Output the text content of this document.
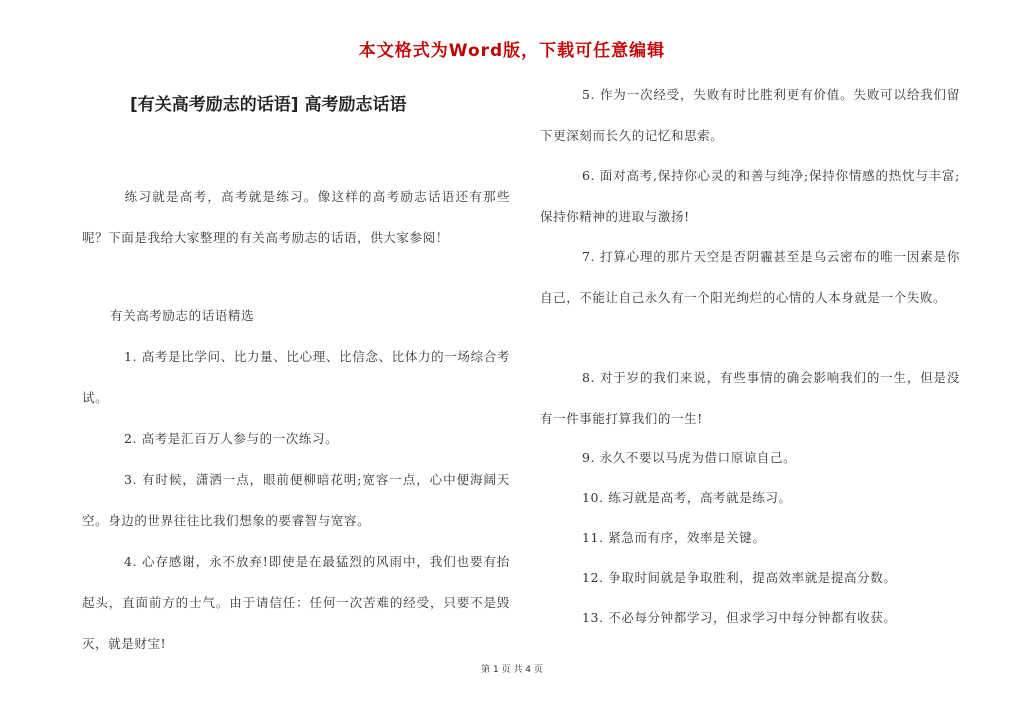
本文格式为Word版，下载可任意编辑
[有关高考励志的话语] 高考励志话语
练习就是高考，高考就是练习。像这样的高考励志话语还有那些呢？下面是我给大家整理的有关高考励志的话语，供大家参阅！
有关高考励志的话语精选
1. 高考是比学问、比力量、比心理、比信念、比体力的一场综合考试。
2. 高考是汇百万人参与的一次练习。
3. 有时候，潇洒一点，眼前便柳暗花明;宽容一点，心中便海阔天空。身边的世界往往比我们想象的要睿智与宽容。
4. 心存感谢，永不放弃!即使是在最猛烈的风雨中，我们也要有抬起头，直面前方的士气。由于请信任：任何一次苦难的经受，只要不是毁灭，就是财宝!
5. 作为一次经受，失败有时比胜利更有价值。失败可以给我们留下更深刻而长久的记忆和思索。
6. 面对高考,保持你心灵的和善与纯净;保持你情感的热忱与丰富;保持你精神的进取与激扬!
7. 打算心理的那片天空是否阴霾甚至是乌云密布的唯一因素是你自己，不能让自己永久有一个阳光绚烂的心情的人本身就是一个失败。
8. 对于岁的我们来说，有些事情的确会影响我们的一生，但是没有一件事能打算我们的一生!
9. 永久不要以马虎为借口原谅自己。
10. 练习就是高考，高考就是练习。
11. 紧急而有序，效率是关键。
12. 争取时间就是争取胜利，提高效率就是提高分数。
13. 不必每分钟都学习，但求学习中每分钟都有收获。
第 1 页 共 4 页
